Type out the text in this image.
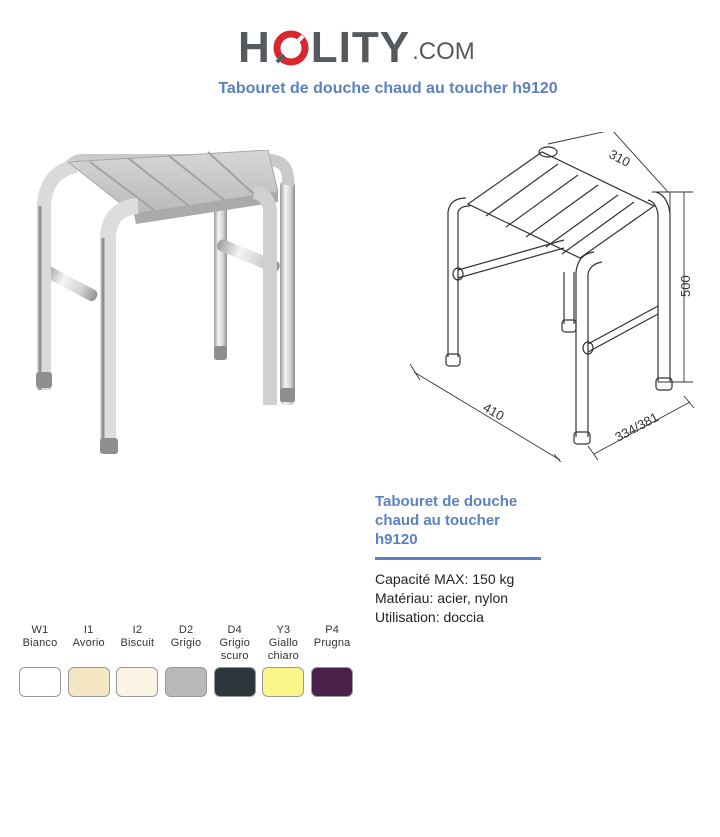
H LITY .COM
Tabouret de douche chaud au toucher h9120
310
500
410	334/381
Tabouret de douche chaud au toucher h9120
Capacité MAX: 150 kg
Matériau: acier, nylon
Utilisation: doccia
W1
Bianco
I1
Avorio
I2
Biscuit
D2
Grigio
D4
Grigio scuro
Y3
Giallo chiaro
P4
Prugna
